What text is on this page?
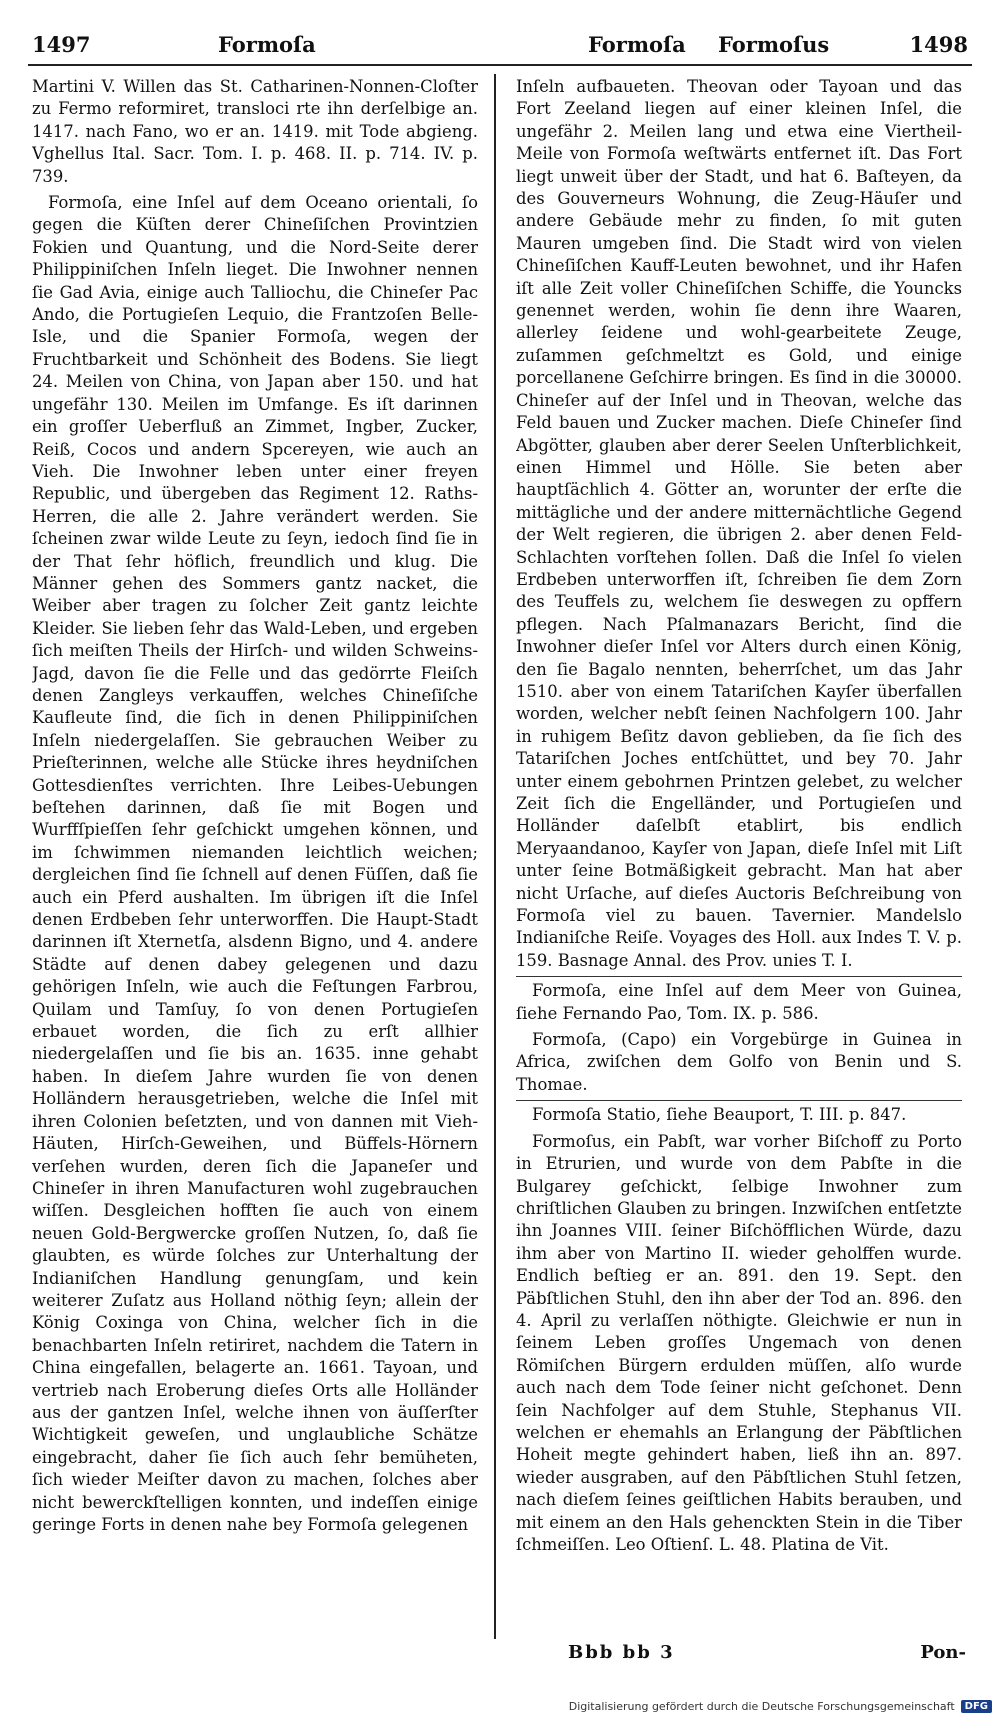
1497	Formoſa	Formoſa Formoſus	1498

Martini V. Willen das St. Catharinen-Nonnen-Cloſter zu Fermo reformiret, transloci rte ihn derſelbige an. 1417. nach Fano, wo er an. 1419. mit Tode abgieng. Vghellus Ital. Sacr. Tom. I. p. 468. II. p. 714. IV. p. 739.

Formoſa, eine Inſel auf dem Oceano orientali, ſo gegen die Küſten derer Chineſiſchen Provintzien Fokien und Quantung, und die Nord-Seite derer Philippiniſchen Inſeln lieget. Die Inwohner nennen ſie Gad Avia, einige auch Talliochu, die Chineſer Pac Ando, die Portugieſen Lequio, die Frantzoſen Belle-Isle, und die Spanier Formoſa, wegen der Fruchtbarkeit und Schönheit des Bodens. Sie liegt 24. Meilen von China, von Japan aber 150. und hat ungefähr 130. Meilen im Umfange. Es iſt darinnen ein groſſer Ueberfluß an Zimmet, Ingber, Zucker, Reiß, Cocos und andern Spcereyen, wie auch an Vieh. Die Inwohner leben unter einer freyen Republic, und übergeben das Regiment 12. Raths-Herren, die alle 2. Jahre verändert werden. Sie ſcheinen zwar wilde Leute zu ſeyn, iedoch ſind ſie in der That ſehr höflich, freundlich und klug. Die Männer gehen des Sommers gantz nacket, die Weiber aber tragen zu ſolcher Zeit gantz leichte Kleider. Sie lieben ſehr das Wald-Leben, und ergeben ſich meiſten Theils der Hirſch- und wilden Schweins-Jagd, davon ſie die Felle und das gedörrte Fleiſch denen Zangleys verkauffen, welches Chineſiſche Kaufleute ſind, die ſich in denen Philippiniſchen Inſeln niedergelaſſen. Sie gebrauchen Weiber zu Prieſterinnen, welche alle Stücke ihres heydniſchen Gottesdienſtes verrichten. Ihre Leibes-Uebungen beſtehen darinnen, daß ſie mit Bogen und Wurffſpieſſen ſehr geſchickt umgehen können, und im ſchwimmen niemanden leichtlich weichen; dergleichen ſind ſie ſchnell auf denen Füſſen, daß ſie auch ein Pferd aushalten. Im übrigen iſt die Inſel denen Erdbeben ſehr unterworffen. Die Haupt-Stadt darinnen iſt Xternetſa, alsdenn Bigno, und 4. andere Städte auf denen dabey gelegenen und dazu gehörigen Inſeln, wie auch die Feſtungen Farbrou, Quilam und Tamſuy, ſo von denen Portugieſen erbauet worden, die ſich zu erſt allhier niedergelaſſen und ſie bis an. 1635. inne gehabt haben. In dieſem Jahre wurden ſie von denen Holländern herausgetrieben, welche die Inſel mit ihren Colonien beſetzten, und von dannen mit Vieh-Häuten, Hirſch-Geweihen, und Büffels-Hörnern verſehen wurden, deren ſich die Japaneſer und Chineſer in ihren Manufacturen wohl zugebrauchen wiſſen. Desgleichen hofften ſie auch von einem neuen Gold-Bergwercke groſſen Nutzen, ſo, daß ſie glaubten, es würde ſolches zur Unterhaltung der Indianiſchen Handlung genungſam, und kein weiterer Zuſatz aus Holland nöthig ſeyn; allein der König Coxinga von China, welcher ſich in die benachbarten Inſeln retiriret, nachdem die Tatern in China eingefallen, belagerte an. 1661. Tayoan, und vertrieb nach Eroberung dieſes Orts alle Holländer aus der gantzen Inſel, welche ihnen von äuſſerſter Wichtigkeit geweſen, und unglaubliche Schätze eingebracht, daher ſie ſich auch ſehr bemüheten, ſich wieder Meiſter davon zu machen, ſolches aber nicht bewerckſtelligen konnten, und indeſſen einige geringe Forts in denen nahe bey Formoſa gelegenen

Inſeln aufbaueten. Theovan oder Tayoan und das Fort Zeeland liegen auf einer kleinen Inſel, die ungefähr 2. Meilen lang und etwa eine Viertheil-Meile von Formoſa weſtwärts entfernet iſt. Das Fort liegt unweit über der Stadt, und hat 6. Baſteyen, da des Gouverneurs Wohnung, die Zeug-Häuſer und andere Gebäude mehr zu finden, ſo mit guten Mauren umgeben ſind. Die Stadt wird von vielen Chineſiſchen Kauff-Leuten bewohnet, und ihr Hafen iſt alle Zeit voller Chineſiſchen Schiffe, die Younckѕ genennet werden, wohin ſie denn ihre Waaren, allerley ſeidene und wohl-gearbeitete Zeuge, zuſammen geſchmeltzt es Gold, und einige porcellanene Geſchirre bringen. Es ſind in die 30000. Chineſer auf der Inſel und in Theovan, welche das Feld bauen und Zucker machen. Dieſe Chineſer ſind Abgötter, glauben aber derer Seelen Unſterblichkeit, einen Himmel und Hölle. Sie beten aber hauptſächlich 4. Götter an, worunter der erſte die mittägliche und der andere mitternächtliche Gegend der Welt regieren, die übrigen 2. aber denen Feld-Schlachten vorſtehen ſollen. Daß die Inſel ſo vielen Erdbeben unterworffen iſt, ſchreiben ſie dem Zorn des Teuffels zu, welchem ſie deswegen zu opffern pflegen. Nach Pſalmanazars Bericht, ſind die Inwohner dieſer Inſel vor Alters durch einen König, den ſie Bagalo nennten, beherrſchet, um das Jahr 1510. aber von einem Tatariſchen Kayſer überfallen worden, welcher nebſt ſeinen Nachfolgern 100. Jahr in ruhigem Beſitz davon geblieben, da ſie ſich des Tatariſchen Joches entſchüttet, und bey 70. Jahr unter einem gebohrnen Printzen gelebet, zu welcher Zeit ſich die Engelländer, und Portugieſen und Holländer daſelbſt etablirt, bis endlich Meryaandanoo, Kayſer von Japan, dieſe Inſel mit Liſt unter ſeine Botmäßigkeit gebracht. Man hat aber nicht Urſache, auf dieſes Auctoris Beſchreibung von Formoſa viel zu bauen. Tavernier. Mandelslo Indianiſche Reiſe. Voyages des Holl. aux Indes T. V. p. 159. Basnage Annal. des Prov. unies T. I.

Formoſa, eine Inſel auf dem Meer von Guinea, ſiehe Fernando Pao, Tom. IX. p. 586.

Formoſa, (Capo) ein Vorgebürge in Guinea in Africa, zwiſchen dem Golfo von Benin und S. Thomae.

Formoſa Statio, ſiehe Beauport, T. III. p. 847.

Formoſus, ein Pabſt, war vorher Biſchoff zu Porto in Etrurien, und wurde von dem Pabſte in die Bulgarey geſchickt, ſelbige Inwohner zum chriſtlichen Glauben zu bringen. Inzwiſchen entſetzte ihn Joannes VIII. ſeiner Biſchöfflichen Würde, dazu ihm aber von Martino II. wieder geholffen wurde. Endlich beſtieg er an. 891. den 19. Sept. den Päbſtlichen Stuhl, den ihn aber der Tod an. 896. den 4. April zu verlaſſen nöthigte. Gleichwie er nun in ſeinem Leben groſſes Ungemach von denen Römiſchen Bürgern erdulden müſſen, alſo wurde auch nach dem Tode ſeiner nicht geſchonet. Denn ſein Nachfolger auf dem Stuhle, Stephanus VII. welchen er ehemahls an Erlangung der Päbſtlichen Hoheit megte gehindert haben, ließ ihn an. 897. wieder ausgraben, auf den Päbſtlichen Stuhl ſetzen, nach dieſem ſeines geiſtlichen Habits berauben, und mit einem an den Hals gehenckten Stein in die Tiber ſchmeiſſen. Leo Oſtienſ. L. 48. Platina de Vit.

Bbb bb 3	Pon-
Digitalisierung gefördert durch die Deutsche Forschungsgemeinschaft	DFG
